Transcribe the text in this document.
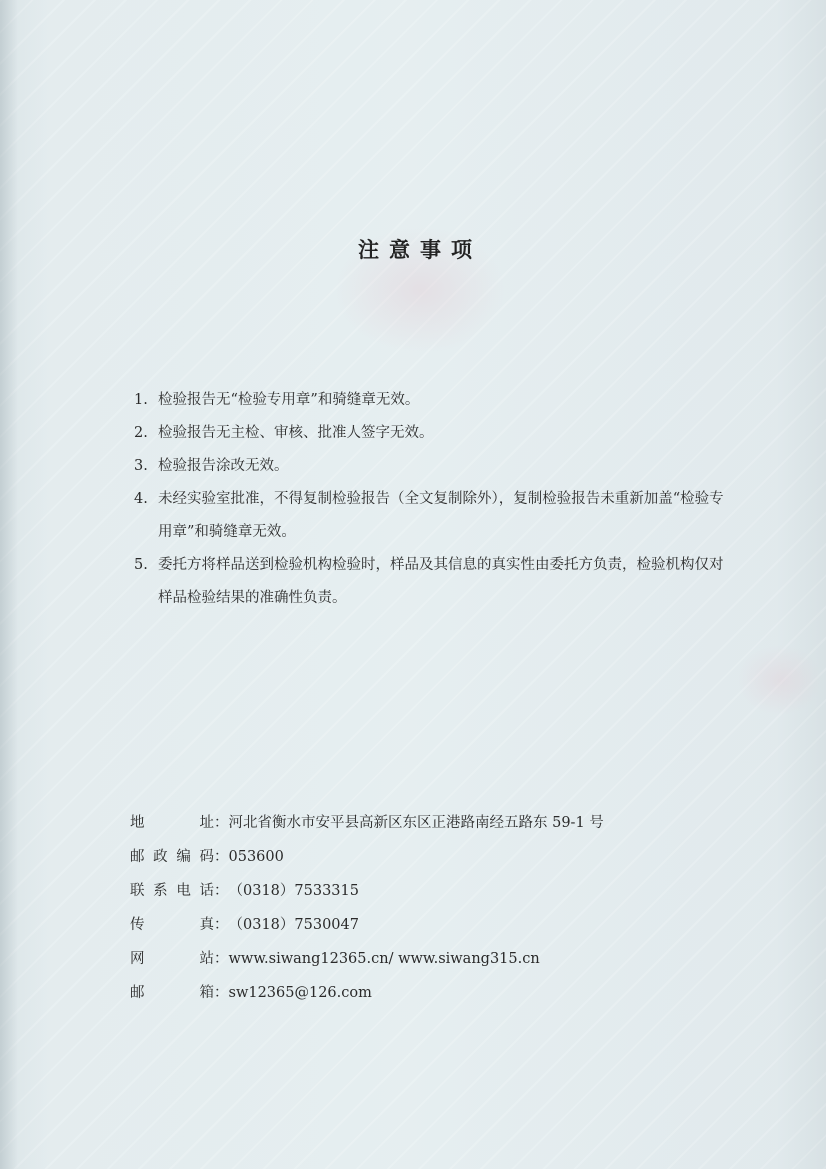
注意事项
1. 检验报告无“检验专用章”和骑缝章无效。
2. 检验报告无主检、审核、批准人签字无效。
3. 检验报告涂改无效。
4. 未经实验室批准，不得复制检验报告（全文复制除外），复制检验报告未重新加盖“检验专用章”和骑缝章无效。
5. 委托方将样品送到检验机构检验时，样品及其信息的真实性由委托方负责，检验机构仅对样品检验结果的准确性负责。
地址 ： 河北省衡水市安平县高新区东区正港路南经五路东 59-1 号
邮政编码 ： 053600
联系电话 ： （0318）7533315
传真 ： （0318）7530047
网站 ： www.siwang12365.cn/ www.siwang315.cn
邮箱 ： sw12365@126.com
